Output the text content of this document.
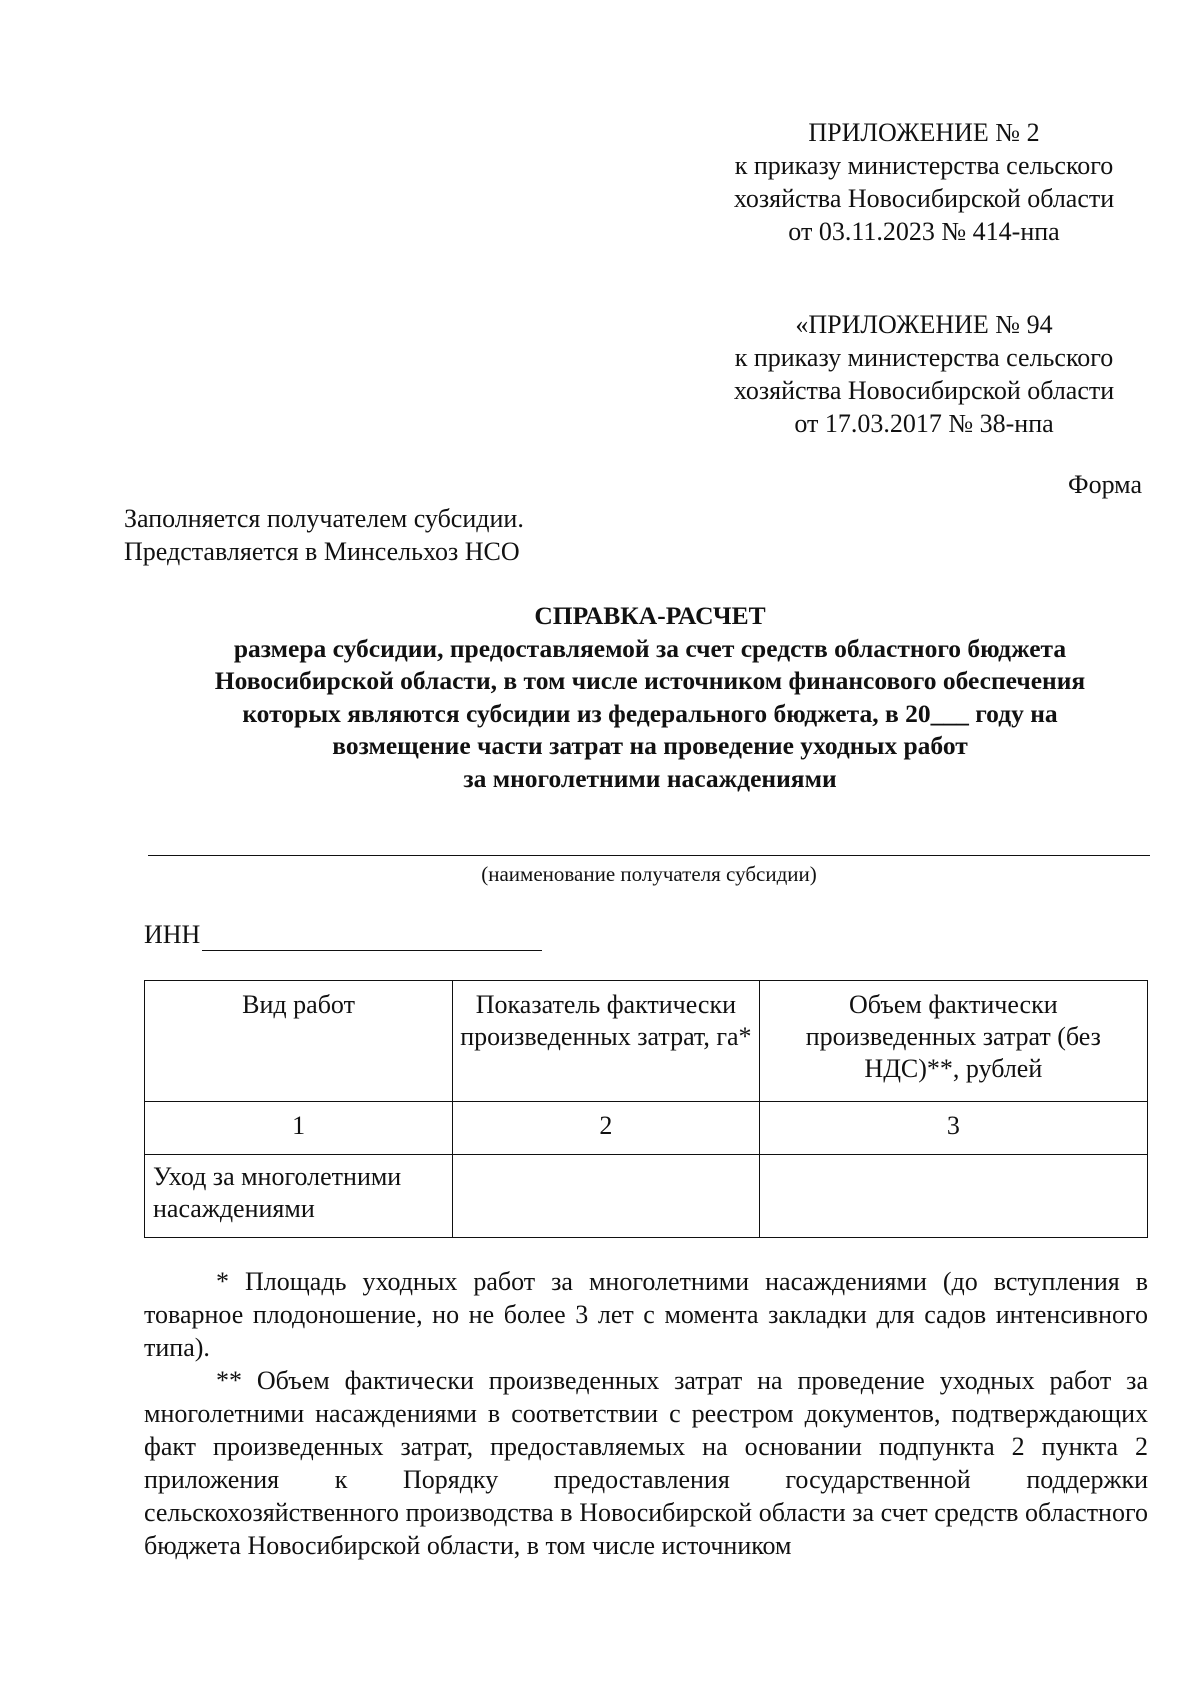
ПРИЛОЖЕНИЕ № 2
к приказу министерства сельского
хозяйства Новосибирской области
от 03.11.2023 № 414-нпа
«ПРИЛОЖЕНИЕ № 94
к приказу министерства сельского
хозяйства Новосибирской области
от 17.03.2017 № 38-нпа
Форма
Заполняется получателем субсидии.
Представляется в Минсельхоз НСО
СПРАВКА-РАСЧЕТ
размера субсидии, предоставляемой за счет средств областного бюджета
Новосибирской области, в том числе источником финансового обеспечения
которых являются субсидии из федерального бюджета, в 20___ году на
возмещение части затрат на проведение уходных работ
за многолетними насаждениями
(наименование получателя субсидии)
ИНН
Вид работ	Показатель фактически произведенных затрат, га*	Объем фактически произведенных затрат (без НДС)**, рублей
1	2	3
Уход за многолетними насаждениями		
* Площадь уходных работ за многолетними насаждениями (до вступления в товарное плодоношение, но не более 3 лет с момента закладки для садов интенсивного типа).
** Объем фактически произведенных затрат на проведение уходных работ за многолетними насаждениями в соответствии с реестром документов, подтверждающих факт произведенных затрат, предоставляемых на основании подпункта 2 пункта 2 приложения к Порядку предоставления государственной поддержки сельскохозяйственного производства в Новосибирской области за счет средств областного бюджета Новосибирской области, в том числе источником
